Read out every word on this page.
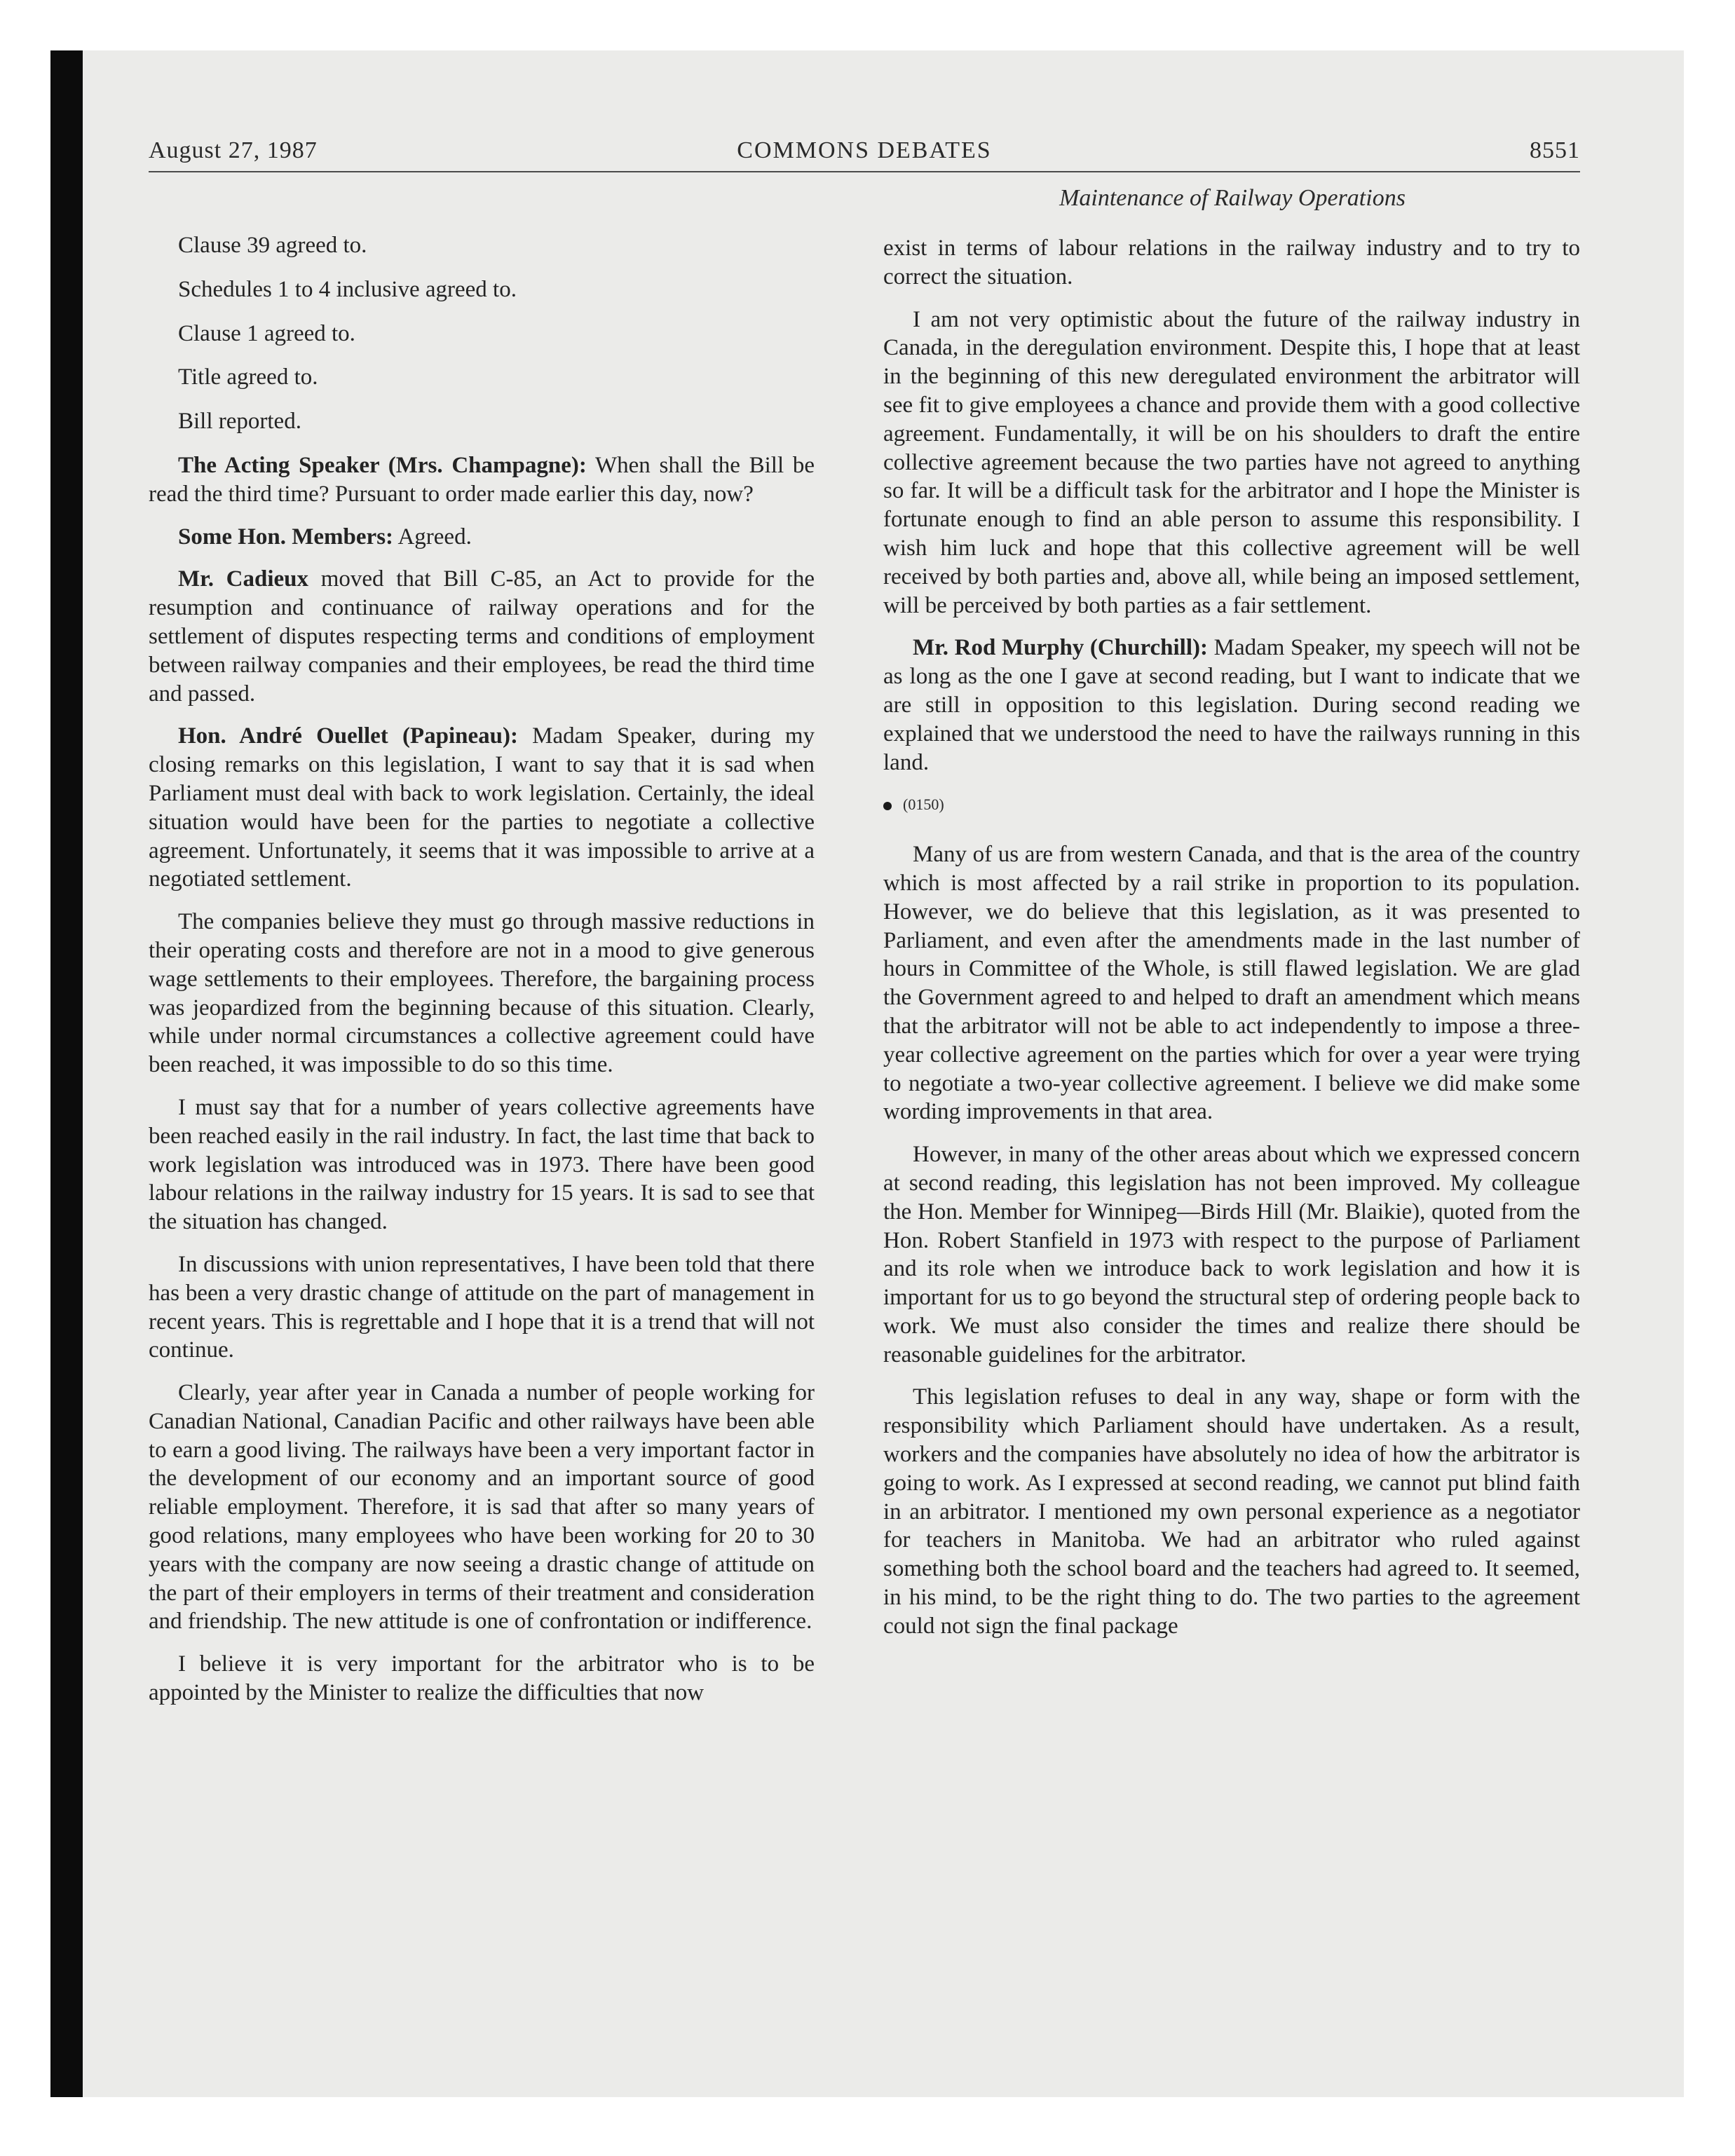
August 27, 1987	COMMONS DEBATES	8551
Maintenance of Railway Operations

Clause 39 agreed to.

Schedules 1 to 4 inclusive agreed to.

Clause 1 agreed to.

Title agreed to.

Bill reported.

The Acting Speaker (Mrs. Champagne): When shall the Bill be read the third time? Pursuant to order made earlier this day, now?

Some Hon. Members: Agreed.

Mr. Cadieux moved that Bill C-85, an Act to provide for the resumption and continuance of railway operations and for the settlement of disputes respecting terms and conditions of employment between railway companies and their employees, be read the third time and passed.

Hon. André Ouellet (Papineau): Madam Speaker, during my closing remarks on this legislation, I want to say that it is sad when Parliament must deal with back to work legislation. Certainly, the ideal situation would have been for the parties to negotiate a collective agreement. Unfortunately, it seems that it was impossible to arrive at a negotiated settlement.

The companies believe they must go through massive reductions in their operating costs and therefore are not in a mood to give generous wage settlements to their employees. Therefore, the bargaining process was jeopardized from the beginning because of this situation. Clearly, while under normal circumstances a collective agreement could have been reached, it was impossible to do so this time.

I must say that for a number of years collective agreements have been reached easily in the rail industry. In fact, the last time that back to work legislation was introduced was in 1973. There have been good labour relations in the railway industry for 15 years. It is sad to see that the situation has changed.

In discussions with union representatives, I have been told that there has been a very drastic change of attitude on the part of management in recent years. This is regrettable and I hope that it is a trend that will not continue.

Clearly, year after year in Canada a number of people working for Canadian National, Canadian Pacific and other railways have been able to earn a good living. The railways have been a very important factor in the development of our economy and an important source of good reliable employment. Therefore, it is sad that after so many years of good relations, many employees who have been working for 20 to 30 years with the company are now seeing a drastic change of attitude on the part of their employers in terms of their treatment and consideration and friendship. The new attitude is one of confrontation or indifference.

I believe it is very important for the arbitrator who is to be appointed by the Minister to realize the difficulties that now

exist in terms of labour relations in the railway industry and to try to correct the situation.

I am not very optimistic about the future of the railway industry in Canada, in the deregulation environment. Despite this, I hope that at least in the beginning of this new deregulated environment the arbitrator will see fit to give employees a chance and provide them with a good collective agreement. Fundamentally, it will be on his shoulders to draft the entire collective agreement because the two parties have not agreed to anything so far. It will be a difficult task for the arbitrator and I hope the Minister is fortunate enough to find an able person to assume this responsibility. I wish him luck and hope that this collective agreement will be well received by both parties and, above all, while being an imposed settlement, will be perceived by both parties as a fair settlement.

Mr. Rod Murphy (Churchill): Madam Speaker, my speech will not be as long as the one I gave at second reading, but I want to indicate that we are still in opposition to this legislation. During second reading we explained that we understood the need to have the railways running in this land.

(0150)

Many of us are from western Canada, and that is the area of the country which is most affected by a rail strike in proportion to its population. However, we do believe that this legislation, as it was presented to Parliament, and even after the amendments made in the last number of hours in Committee of the Whole, is still flawed legislation. We are glad the Government agreed to and helped to draft an amendment which means that the arbitrator will not be able to act independently to impose a three-year collective agreement on the parties which for over a year were trying to negotiate a two-year collective agreement. I believe we did make some wording improvements in that area.

However, in many of the other areas about which we expressed concern at second reading, this legislation has not been improved. My colleague the Hon. Member for Winnipeg—Birds Hill (Mr. Blaikie), quoted from the Hon. Robert Stanfield in 1973 with respect to the purpose of Parliament and its role when we introduce back to work legislation and how it is important for us to go beyond the structural step of ordering people back to work. We must also consider the times and realize there should be reasonable guidelines for the arbitrator.

This legislation refuses to deal in any way, shape or form with the responsibility which Parliament should have undertaken. As a result, workers and the companies have absolutely no idea of how the arbitrator is going to work. As I expressed at second reading, we cannot put blind faith in an arbitrator. I mentioned my own personal experience as a negotiator for teachers in Manitoba. We had an arbitrator who ruled against something both the school board and the teachers had agreed to. It seemed, in his mind, to be the right thing to do. The two parties to the agreement could not sign the final package
